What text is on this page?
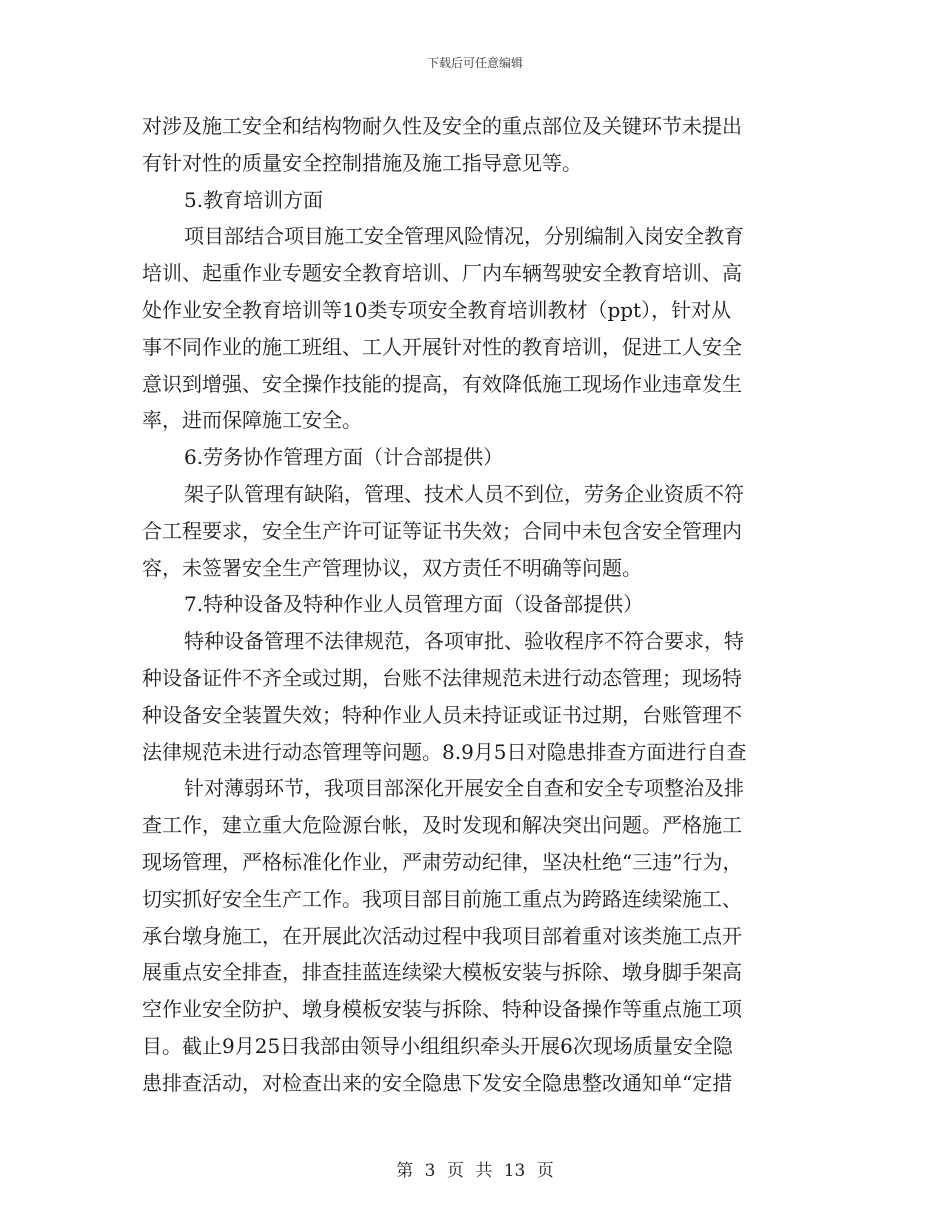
下载后可任意编辑
对涉及施工安全和结构物耐久性及安全的重点部位及关键环节未提出
有针对性的质量安全控制措施及施工指导意见等。
5.教育培训方面
项目部结合项目施工安全管理风险情况，分别编制入岗安全教育
培训、起重作业专题安全教育培训、厂内车辆驾驶安全教育培训、高
处作业安全教育培训等10类专项安全教育培训教材（ppt），针对从
事不同作业的施工班组、工人开展针对性的教育培训，促进工人安全
意识到增强、安全操作技能的提高，有效降低施工现场作业违章发生
率，进而保障施工安全。
6.劳务协作管理方面（计合部提供）
架子队管理有缺陷，管理、技术人员不到位，劳务企业资质不符
合工程要求，安全生产许可证等证书失效；合同中未包含安全管理内
容，未签署安全生产管理协议，双方责任不明确等问题。
7.特种设备及特种作业人员管理方面（设备部提供）
特种设备管理不法律规范，各项审批、验收程序不符合要求，特
种设备证件不齐全或过期，台账不法律规范未进行动态管理；现场特
种设备安全装置失效；特种作业人员未持证或证书过期，台账管理不
法律规范未进行动态管理等问题。8.9月5日对隐患排查方面进行自查
针对薄弱环节，我项目部深化开展安全自查和安全专项整治及排
查工作，建立重大危险源台帐，及时发现和解决突出问题。严格施工
现场管理，严格标准化作业，严肃劳动纪律，坚决杜绝“三违”行为，
切实抓好安全生产工作。我项目部目前施工重点为跨路连续梁施工、
承台墩身施工，在开展此次活动过程中我项目部着重对该类施工点开
展重点安全排查，排查挂蓝连续梁大模板安装与拆除、墩身脚手架高
空作业安全防护、墩身模板安装与拆除、特种设备操作等重点施工项
目。截止9月25日我部由领导小组组织牵头开展6次现场质量安全隐
患排查活动，对检查出来的安全隐患下发安全隐患整改通知单“定措
第 3 页 共 13 页
